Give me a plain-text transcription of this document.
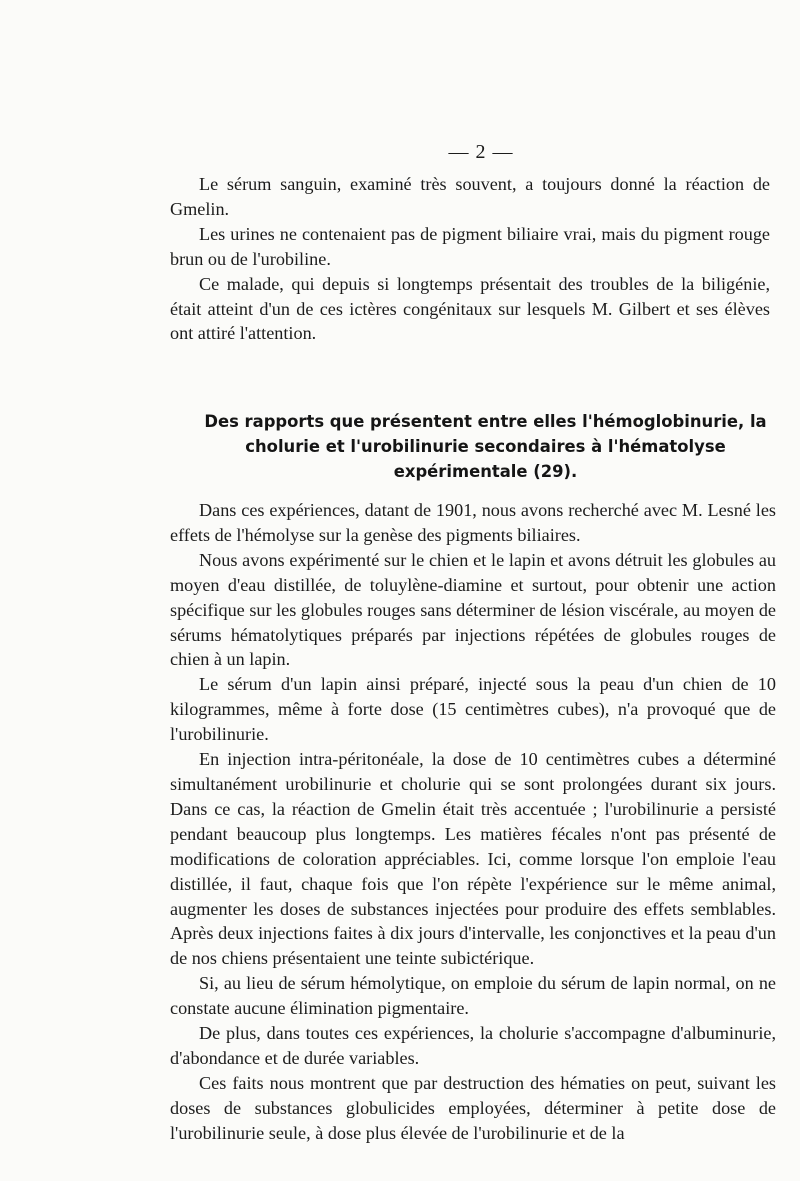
— 2 —

Le sérum sanguin, examiné très souvent, a toujours donné la réaction de Gmelin.

Les urines ne contenaient pas de pigment biliaire vrai, mais du pigment rouge brun ou de l'urobiline.

Ce malade, qui depuis si longtemps présentait des troubles de la biligénie, était atteint d'un de ces ictères congénitaux sur lesquels M. Gilbert et ses élèves ont attiré l'attention.

Des rapports que présentent entre elles l'hémoglobinurie, la cholurie et l'urobilinurie secondaires à l'hématolyse expérimentale (29).

Dans ces expériences, datant de 1901, nous avons recherché avec M. Lesné les effets de l'hémolyse sur la genèse des pigments biliaires.

Nous avons expérimenté sur le chien et le lapin et avons détruit les globules au moyen d'eau distillée, de toluylène-diamine et surtout, pour obtenir une action spécifique sur les globules rouges sans déterminer de lésion viscérale, au moyen de sérums hématolytiques préparés par injections répétées de globules rouges de chien à un lapin.

Le sérum d'un lapin ainsi préparé, injecté sous la peau d'un chien de 10 kilogrammes, même à forte dose (15 centimètres cubes), n'a provoqué que de l'urobilinurie.

En injection intra-péritonéale, la dose de 10 centimètres cubes a déterminé simultanément urobilinurie et cholurie qui se sont prolongées durant six jours. Dans ce cas, la réaction de Gmelin était très accentuée ; l'urobilinurie a persisté pendant beaucoup plus longtemps. Les matières fécales n'ont pas présenté de modifications de coloration appréciables. Ici, comme lorsque l'on emploie l'eau distillée, il faut, chaque fois que l'on répète l'expérience sur le même animal, augmenter les doses de substances injectées pour produire des effets semblables. Après deux injections faites à dix jours d'intervalle, les conjonctives et la peau d'un de nos chiens présentaient une teinte subictérique.

Si, au lieu de sérum hémolytique, on emploie du sérum de lapin normal, on ne constate aucune élimination pigmentaire.

De plus, dans toutes ces expériences, la cholurie s'accompagne d'albuminurie, d'abondance et de durée variables.

Ces faits nous montrent que par destruction des hématies on peut, suivant les doses de substances globulicides employées, déterminer à petite dose de l'urobilinurie seule, à dose plus élevée de l'urobilinurie et de la
